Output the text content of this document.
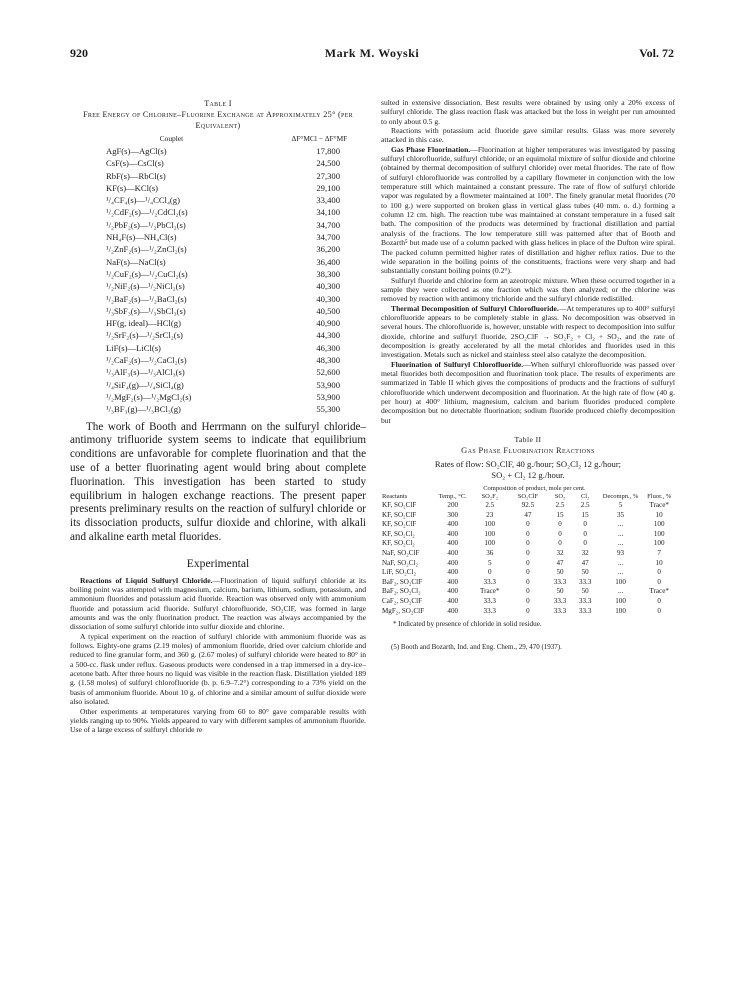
920	Mark M. Woyski	Vol. 72
Table I
Free Energy of Chlorine–Fluorine Exchange at Approximately 25° (per Equivalent)
Couplet	ΔF°MCl − ΔF°MF
AgF(s)—AgCl(s)	17,800
CsF(s)—CsCl(s)	24,500
RbF(s)—RbCl(s)	27,300
KF(s)—KCl(s)	29,100
¹/₄CF₄(s)—¹/₄CCl₄(g)	33,400
¹/₂CdF₂(s)—¹/₂CdCl₂(s)	34,100
¹/₂PbF₂(s)—¹/₂PbCl₂(s)	34,700
NH₄F(s)—NH₄Cl(s)	34,700
¹/₂ZnF₂(s)—¹/₂ZnCl₂(s)	36,200
NaF(s)—NaCl(s)	36,400
¹/₂CuF₂(s)—¹/₂CuCl₂(s)	38,300
¹/₂NiF₂(s)—¹/₂NiCl₂(s)	40,300
¹/₂BaF₂(s)—¹/₂BaCl₂(s)	40,300
¹/₃SbF₃(s)—¹/₃SbCl₃(s)	40,500
HF(g, ideal)—HCl(g)	40,900
¹/₂SrF₂(s)—¹/₂SrCl₂(s)	44,300
LiF(s)—LiCl(s)	46,300
¹/₂CaF₂(s)—¹/₂CaCl₂(s)	48,300
¹/₃AlF₃(s)—¹/₃AlCl₃(s)	52,600
¹/₄SiF₄(g)—¹/₄SiCl₄(g)	53,900
¹/₂MgF₂(s)—¹/₂MgCl₂(s)	53,900
¹/₃BF₃(g)—¹/₃BCl₃(g)	55,300

The work of Booth and Herrmann on the sulfuryl chloride–antimony trifluoride system seems to indicate that equilibrium conditions are unfavorable for complete fluorination and that the use of a better fluorinating agent would bring about complete fluorination. This investigation has been started to study equilibrium in halogen exchange reactions. The present paper presents preliminary results on the reaction of sulfuryl chloride or its dissociation products, sulfur dioxide and chlorine, with alkali and alkaline earth metal fluorides.

Experimental

Reactions of Liquid Sulfuryl Chloride.—Fluorination of liquid sulfuryl chloride at its boiling point was attempted with magnesium, calcium, barium, lithium, sodium, potassium, and ammonium fluorides and potassium acid fluoride. Reaction was observed only with ammonium fluoride and potassium acid fluoride. Sulfuryl chlorofluoride, SO₂ClF, was formed in large amounts and was the only fluorination product. The reaction was always accompanied by the dissociation of some sulfuryl chloride into sulfur dioxide and chlorine.

A typical experiment on the reaction of sulfuryl chloride with ammonium fluoride was as follows. Eighty-one grams (2.19 moles) of ammonium fluoride, dried over calcium chloride and reduced to fine granular form, and 360 g. (2.67 moles) of sulfuryl chloride were heated to 80° in a 500-cc. flask under reflux. Gaseous products were condensed in a trap immersed in a dry-ice–acetone bath. After three hours no liquid was visible in the reaction flask. Distillation yielded 189 g. (1.58 moles) of sulfuryl chlorofluoride (b. p. 6.9–7.2°) corresponding to a 73% yield on the basis of ammonium fluoride. About 10 g. of chlorine and a similar amount of sulfur dioxide were also isolated.

Other experiments at temperatures varying from 60 to 80° gave comparable results with yields ranging up to 90%. Yields appeared to vary with different samples of ammonium fluoride. Use of a large excess of sulfuryl chloride re

sulted in extensive dissociation. Best results were obtained by using only a 20% excess of sulfuryl chloride. The glass reaction flask was attacked but the loss in weight per run amounted to only about 0.5 g.

Reactions with potassium acid fluoride gave similar results. Glass was more severely attacked in this case.

Gas Phase Fluorination.—Fluorination at higher temperatures was investigated by passing sulfuryl chlorofluoride, sulfuryl chloride, or an equimolal mixture of sulfur dioxide and chlorine (obtained by thermal decomposition of sulfuryl chloride) over metal fluorides. The rate of flow of sulfuryl chlorofluoride was controlled by a capillary flowmeter in conjunction with the low temperature still which maintained a constant pressure. The rate of flow of sulfuryl chloride vapor was regulated by a flowmeter maintained at 100°. The finely granular metal fluorides (70 to 100 g.) were supported on broken glass in vertical glass tubes (40 mm. o. d.) forming a column 12 cm. high. The reaction tube was maintained at constant temperature in a fused salt bath. The composition of the products was determined by fractional distillation and partial analysis of the fractions. The low temperature still was patterned after that of Booth and Bozarth⁵ but made use of a column packed with glass helices in place of the Dufton wire spiral. The packed column permitted higher rates of distillation and higher reflux ratios. Due to the wide separation in the boiling points of the constituents, fractions were very sharp and had substantially constant boiling points (0.2°).

Sulfuryl fluoride and chlorine form an azeotropic mixture. When these occurred together in a sample they were collected as one fraction which was then analyzed; or the chlorine was removed by reaction with antimony trichloride and the sulfuryl chloride redistilled.

Thermal Decomposition of Sulfuryl Chlorofluoride.—At temperatures up to 400° sulfuryl chlorofluoride appears to be completely stable in glass. No decomposition was observed in several hours. The chlorofluoride is, however, unstable with respect to decomposition into sulfur dioxide, chlorine and sulfuryl fluoride, 2SO₂ClF → SO₂F₂ + Cl₂ + SO₂, and the rate of decomposition is greatly accelerated by all the metal chlorides and fluorides used in this investigation. Metals such as nickel and stainless steel also catalyze the decomposition.

Fluorination of Sulfuryl Chlorofluoride.—When sulfuryl chlorofluoride was passed over metal fluorides both decomposition and fluorination took place. The results of experiments are summarized in Table II which gives the compositions of products and the fractions of sulfuryl chlorofluoride which underwent decomposition and fluorination. At the high rate of flow (40 g. per hour) at 400° lithium, magnesium, calcium and barium fluorides produced complete decomposition but no detectable fluorination; sodium fluoride produced chiefly decomposition but

Table II
Gas Phase Fluorination Reactions
Rates of flow: SO₂ClF, 40 g./hour; SO₂Cl₂ 12 g./hour;
SO₂ + Cl₂ 12 g./hour.
Reactants	Temp., °C.	Composition of product, mole per cent.				Decompn., %	Fluor., %
		SO₂F₂	SO₂ClF	SO₂	Cl₂		
KF, SO₂ClF	200	2.5	92.5	2.5	2.5	5	Trace*
KF, SO₂ClF	300	23	47	15	15	35	10
KF, SO₂ClF	400	100	0	0	0	...	100
KF, SO₂Cl₂	400	100	0	0	0	...	100
KF, SO₂Cl₂	400	100	0	0	0	...	100
NaF, SO₂ClF	400	36	0	32	32	93	7
NaF, SO₂Cl₂	400	5	0	47	47	...	10
LiF, SO₂Cl₂	400	0	0	50	50	...	0
BaF₂, SO₂ClF	400	33.3	0	33.3	33.3	100	0
BaF₂, SO₂Cl₂	400	Trace*	0	50	50	...	Trace*
CaF₂, SO₂ClF	400	33.3	0	33.3	33.3	100	0
MgF₂, SO₂ClF	400	33.3	0	33.3	33.3	100	0
* Indicated by presence of chloride in solid residue.
(5) Booth and Bozarth, Ind. and Eng. Chem., 29, 470 (1937).
